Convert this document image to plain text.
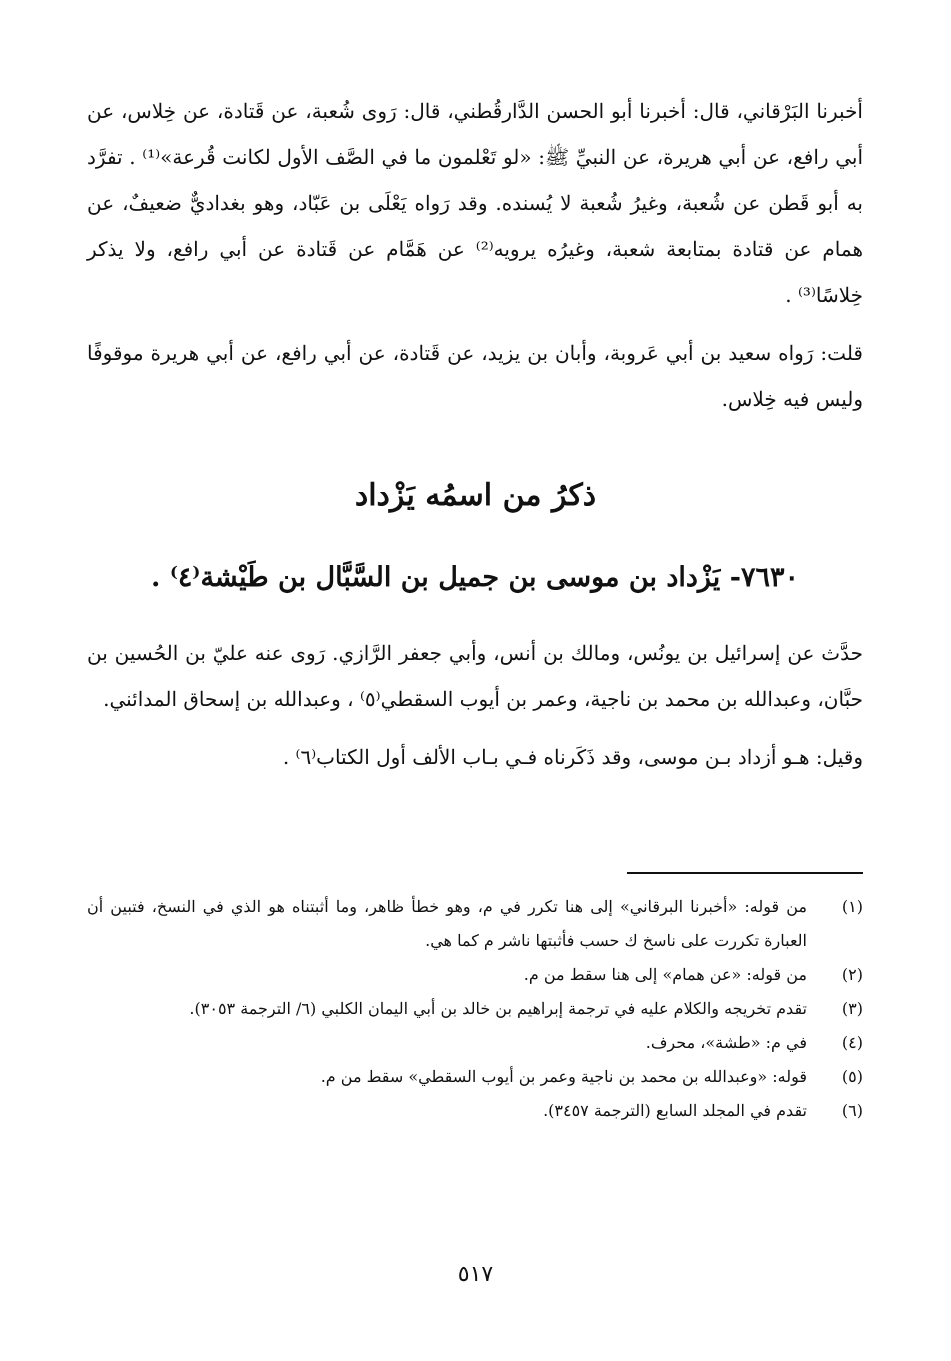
أخبرنا البَرْقاني، قال: أخبرنا أبو الحسن الدَّارقُطني، قال: رَوى شُعبة، عن قَتادة، عن خِلاس، عن أبي رافع، عن أبي هريرة، عن النبيِّ ﷺ: «لو تَعْلمون ما في الصَّف الأول لكانت قُرعة»⁽¹⁾ . تفرَّد به أبو قَطن عن شُعبة، وغيرُ شُعبة لا يُسنده. وقد رَواه يَعْلَى بن عَبّاد، وهو بغداديٌّ ضعيفٌ، عن همام عن قتادة بمتابعة شعبة، وغيرُه يرويه⁽²⁾ عن هَمَّام عن قَتادة عن أبي رافع، ولا يذكر خِلاسًا⁽³⁾ .

قلت: رَواه سعيد بن أبي عَروبة، وأبان بن يزيد، عن قَتادة، عن أبي رافع، عن أبي هريرة موقوفًا وليس فيه خِلاس.

ذكرُ من اسمُه يَزْداد
٧٦٣٠- يَزْداد بن موسى بن جميل بن السَّبَّال بن طَيْشة⁽٤⁾ .

حدَّث عن إسرائيل بن يونُس، ومالك بن أنس، وأبي جعفر الرَّازي. رَوى عنه عليّ بن الحُسين بن حبَّان، وعبدالله بن محمد بن ناجية، وعمر بن أيوب السقطي⁽٥⁾ ، وعبدالله بن إسحاق المدائني.

وقيل: هـو أزداد بـن موسى، وقد ذَكَرناه فـي بـاب الألف أول الكتاب⁽٦⁾ .

(١)
من قوله: «أخبرنا البرقاني» إلى هنا تكرر في م، وهو خطأ ظاهر، وما أثبتناه هو الذي في النسخ، فتبين أن العبارة تكررت على ناسخ ك حسب فأثبتها ناشر م كما هي.
(٢)
من قوله: «عن همام» إلى هنا سقط من م.
(٣)
تقدم تخريجه والكلام عليه في ترجمة إبراهيم بن خالد بن أبي اليمان الكلبي (٦/ الترجمة ٣٠٥٣).
(٤)
في م: «طشة»، محرف.
(٥)
قوله: «وعبدالله بن محمد بن ناجية وعمر بن أيوب السقطي» سقط من م.
(٦)
تقدم في المجلد السابع (الترجمة ٣٤٥٧).
٥١٧
